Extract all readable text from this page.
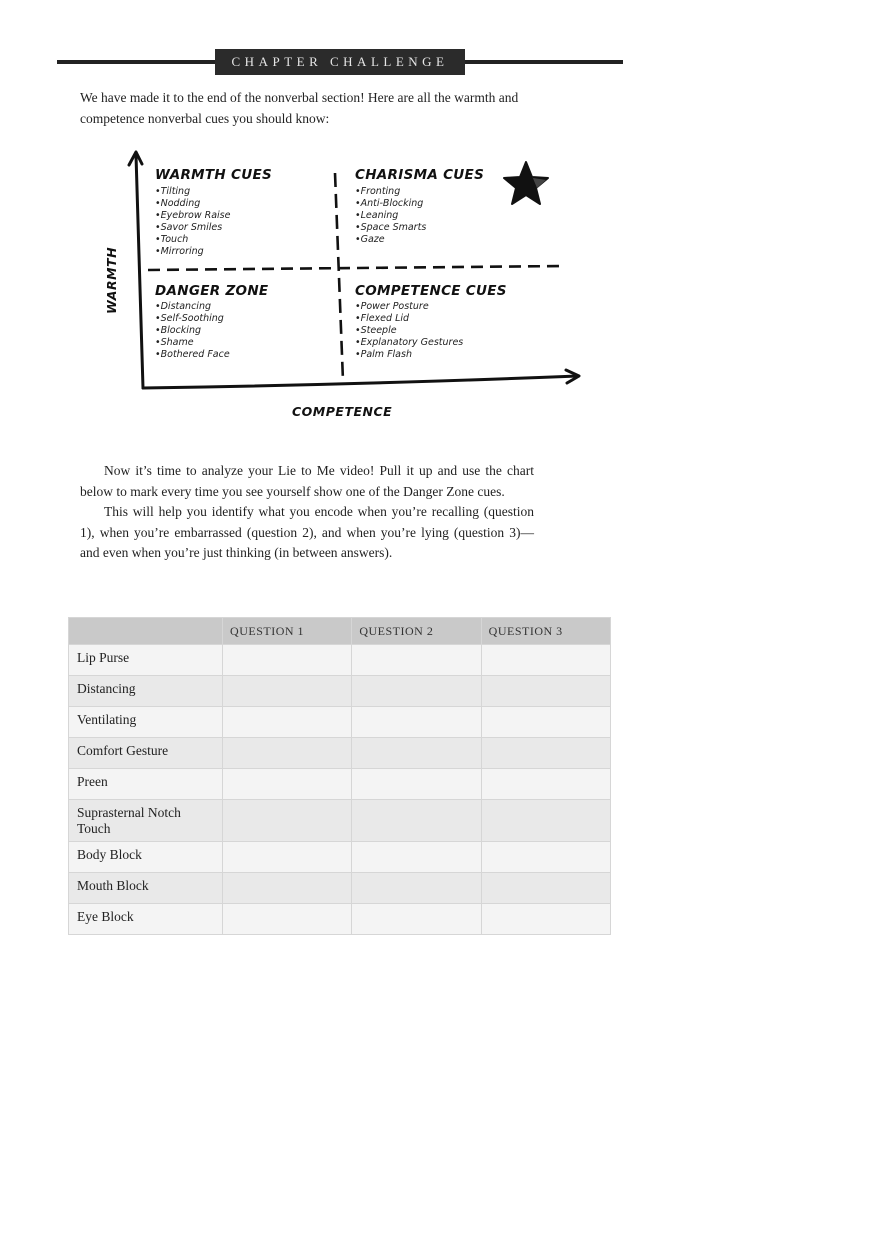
CHAPTER CHALLENGE

We have made it to the end of the nonverbal section! Here are all the warmth and competence nonverbal cues you should know:

WARMTH CUES
• Tilting
• Nodding
• Eyebrow Raise
• Savor Smiles
• Touch
• Mirroring
CHARISMA CUES
• Fronting
• Anti-Blocking
• Leaning
• Space Smarts
• Gaze
DANGER ZONE
• Distancing
• Self-Soothing
• Blocking
• Shame
• Bothered Face
COMPETENCE CUES
• Power Posture
• Flexed Lid
• Steeple
• Explanatory Gestures
• Palm Flash
WARMTH
COMPETENCE

Now it’s time to analyze your Lie to Me video! Pull it up and use the chart below to mark every time you see yourself show one of the Danger Zone cues.

This will help you identify what you encode when you’re recalling (question 1), when you’re embarrassed (question 2), and when you’re lying (question 3)—and even when you’re just thinking (in between answers).

	QUESTION 1	QUESTION 2	QUESTION 3
Lip Purse			
Distancing			
Ventilating			
Comfort Gesture			
Preen			
Suprasternal Notch Touch			
Body Block			
Mouth Block			
Eye Block			
